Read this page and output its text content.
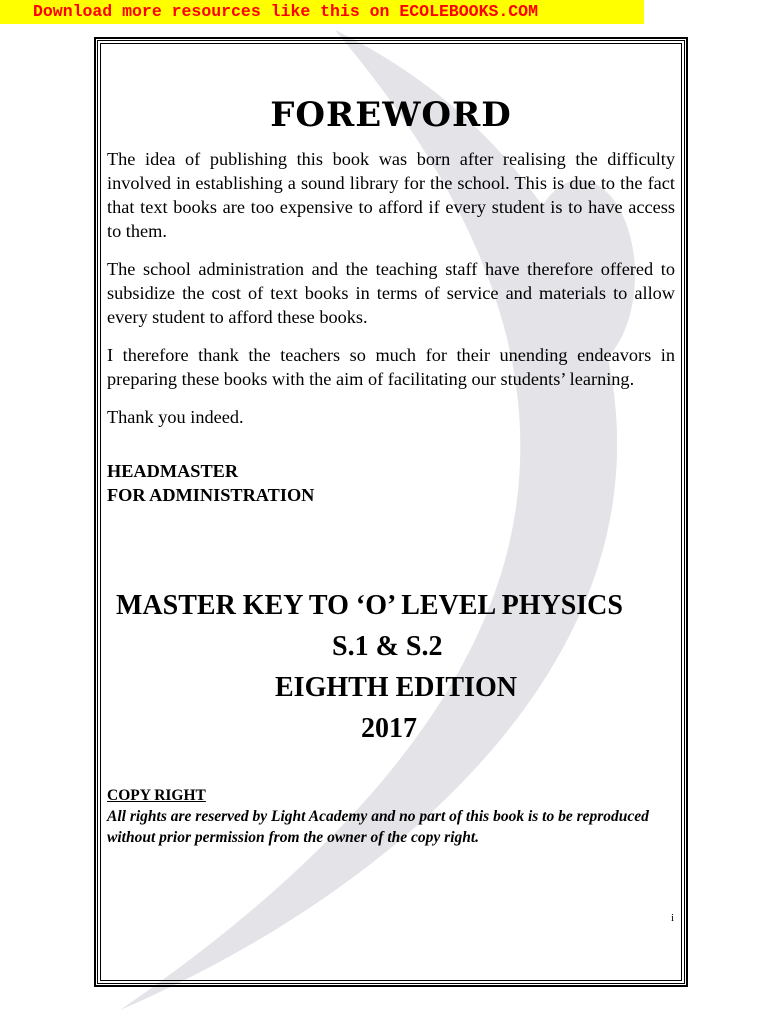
Download more resources like this on ECOLEBOOKS.COM
FOREWORD

The idea of publishing this book was born after realising the difficulty involved in establishing a sound library for the school. This is due to the fact that text books are too expensive to afford if every student is to have access to them.

The school administration and the teaching staff have therefore offered to subsidize the cost of text books in terms of service and materials to allow every student to afford these books.

I therefore thank the teachers so much for their unending endeavors in preparing these books with the aim of facilitating our students’ learning.

Thank you indeed.

HEADMASTER
FOR ADMINISTRATION
MASTER KEY TO ‘O’ LEVEL PHYSICS
S.1 & S.2
EIGHTH EDITION
2017
COPY RIGHT
All rights are reserved by Light Academy and no part of this book is to be reproduced without prior permission from the owner of the copy right.
i
